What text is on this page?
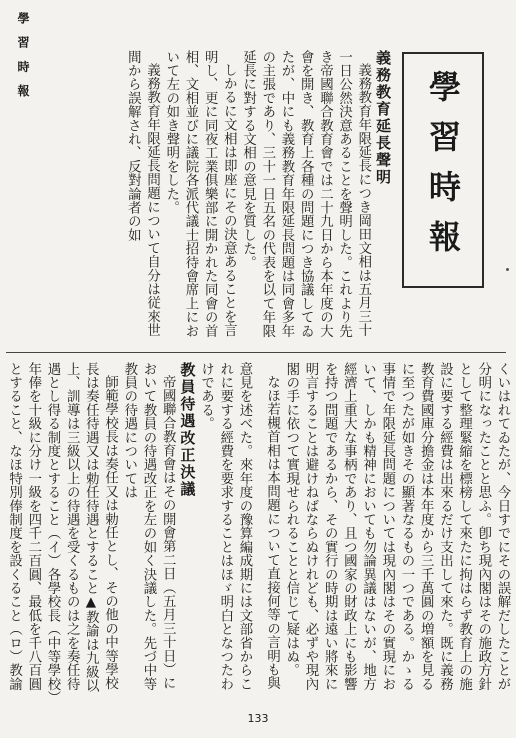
學 習 時 報
學習時報

義務教育延長聲明

義務教育年限延長につき岡田文相は五月三十一日公然決意あることを聲明した。これより先き帝國聯合教育會では二十九日から本年度の大會を開き、教育上各種の問題につき協議してゐたが、中にも義務教育年限延長問題は同會多年の主張であり、三十一日五名の代表を以て年限延長に對する文相の意見を質した。

しかるに文相は即座にその決意あることを言明し、更に同夜工業俱樂部に開かれた同會の首相、文相並びに議院各派代議士招待會席上において左の如き聲明をした。

義務教育年限延長問題について自分は従來世間から誤解され、反對論者の如

くいはれてゐたが、今日すでにその誤解だしたことが分明になったことと思ふ。卽ち現內閣はその施政方針として整理緊縮を標榜して來たに拘はらず教育上の施設に要する經費は出來るだけ支出して來た。既に義務教育費國庫分擔金は本年度から三千萬圓の増額を見るに至つたが如きその顯著なるもの一つである。かゝる事情で年限延長問題については現內閣はその實現において、しかも精神においても勿論異議はないが、地方經濟上重大な事柄であり、且つ國家の財政上にも影響を持つ問題であるから、その實行の時期は遠い將來に明言することは避けねばならぬけれども、必ずや現內閣の手に依つて實現せられることと信じて疑はぬ。

なほ若槻首相は本問題について直接何等の言明も與

意見を述べた。來年度の豫算編成期には文部省からこれに要する經費を要求することはほゞ明白となつたわけである。

教員待遇改正決議

帝國聯合教育會はその開會第二日（五月三十日）において教員の待遇改正を左の如く決議した。先づ中等教員の待遇については

師範學校長は奏任又は勅任とし、その他の中等學校長は奏任待遇又は勅任待遇とすること▲教諭は九級以上、訓導は三級以上の待遇を受くるものは之を奏任待遇とし得る制度とすること（イ）各學校長（中等學校）年俸を十級に分け一級を四千二百圓、最低を千八百圓とすること、なほ特別俸制度を設くること（ロ）教諭

133
